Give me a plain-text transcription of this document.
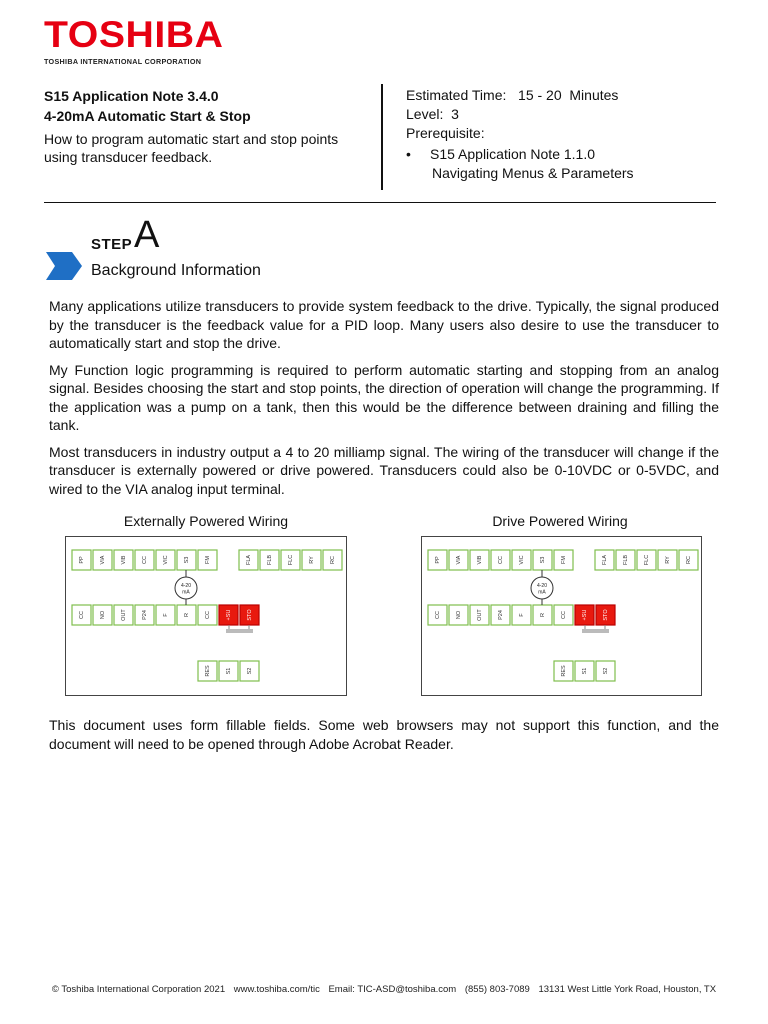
TOSHIBA
TOSHIBA INTERNATIONAL CORPORATION
S15 Application Note 3.4.0
4-20mA Automatic Start & Stop
How to program automatic start and stop points using transducer feedback.
Estimated Time:   15 - 20  Minutes
Level:  3
Prerequisite:
• S15 Application Note 1.1.0
Navigating Menus & Parameters
STEP A
Background Information

Many applications utilize transducers to provide system feedback to the drive. Typically, the signal produced by the transducer is the feedback value for a PID loop. Many users also desire to use the transducer to automatically start and stop the drive.

My Function logic programming is required to perform automatic starting and stopping from an analog signal. Besides choosing the start and stop points, the direction of operation will change the programming. If the application was a pump on a tank, then this would be the difference between draining and filling the tank.

Most transducers in industry output a 4 to 20 milliamp signal. The wiring of the transducer will change if the transducer is externally powered or drive powered. Transducers could also be 0-10VDC or 0-5VDC, and wired to the VIA analog input terminal.

Externally Powered Wiring
PP	VIA	VIB	CC	VIC	S3	FM	FLA	FLB	FLC	RY	RC
CC	NO	OUT	P24	F	R	CC	+SU	STO
RES	S1	S2
4-20
mA
Drive Powered Wiring
PP	VIA	VIB	CC	VIC	S3	FM	FLA	FLB	FLC	RY	RC
CC	NO	OUT	P24	F	R	CC	+SU	STO
RES	S1	S2
4-20
mA
This document uses form fillable fields. Some web browsers may not support this function, and the document will need to be opened through Adobe Acrobat Reader.
© Toshiba International Corporation 2021 www.toshiba.com/tic Email: TIC-ASD@toshiba.com (855) 803-7089 13131 West Little York Road, Houston, TX
